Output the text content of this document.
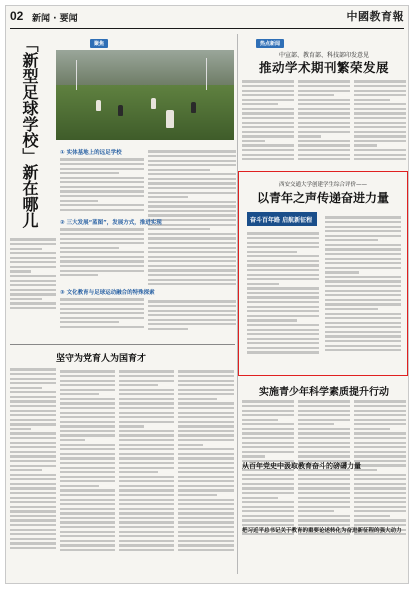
02 新闻 · 要闻	中國教育報
「新型足球学校」新在哪儿	聚焦
① 实体基地上的远足学校
② 三大发展“蓝图”，发展方式，推进实现
③ 文化教育与足球运动融合的特殊探索
热点新闻
中宣部、教育部、科技部印发意见
推动学术期刊繁荣发展
西安交通大学创建学生综合评价——
以青年之声传递奋进力量
奋斗百年路 启航新征程
实施青少年科学素质提升行动
坚守为党育人为国育才
从百年党史中汲取教育奋斗的磅礴力量
把习近平总书记关于教育的重要论述转化为奋进新征程的强大动力
